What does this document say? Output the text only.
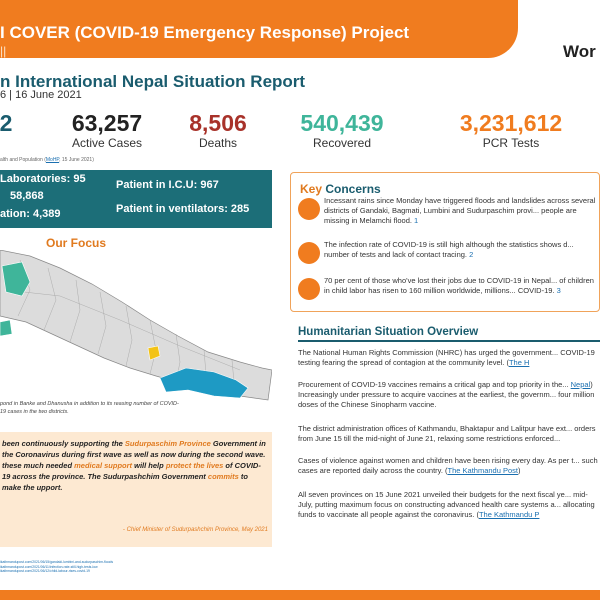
I COVER (COVID-19 Emergency Response) Project
||	Wor
n International Nepal Situation Report
6 | 16 June 2021
2	63,257
Active Cases
8,506
Deaths
540,439
Recovered
3,231,612
PCR Tests
alth and Population (MoHP, 15 June 2021)
Laboratories: 95
58,868
ation: 4,389
Patient in I.C.U: 967
Patient in ventilators: 285
Our Focus
pond in Banke and Dhanusha in addition to its reasing number of COVID-19 cases in the two districts.

been continuously supporting the Sudurpaschim Province Government in the Coronavirus during first wave as well as now during the second wave. these much needed medical support will help protect the lives of COVID-19 across the province. The Sudurpashchim Government commits to make the upport.

- Chief Minister of Sudurpashchim Province, May 2021
ikathmandupost.com/2021/06/15/gandaki-lumbini-and-sudurpaschim-floods
ikathmandupost.com/2021/06/11/infection-rate-still-high-tests-low
ikathmandupost.com/2021/06/12/child-labour-rises-covid-19
Key Concerns
Incessant rains since Monday have triggered floods and landslides across several districts of Gandaki, Bagmati, Lumbini and Sudurpaschim provi... people are missing in Melamchi flood. 1
The infection rate of COVID-19 is still high although the statistics shows d... number of tests and lack of contact tracing. 2
70 per cent of those who've lost their jobs due to COVID-19 in Nepal... of children in child labor has risen to 160 million worldwide, millions... COVID-19. 3
Humanitarian Situation Overview
The National Human Rights Commission (NHRC) has urged the government... COVID-19 testing fearing the spread of contagion at the community level. (The H
Procurement of COVID-19 vaccines remains a critical gap and top priority in the... Nepal) Increasingly under pressure to acquire vaccines at the earliest, the governm... four million doses of the Chinese Sinopharm vaccine.
The district administration offices of Kathmandu, Bhaktapur and Lalitpur have ext... orders from June 15 till the mid-night of June 21, relaxing some restrictions enforced...
Cases of violence against women and children have been rising every day. As per t... such cases are reported daily across the country. (The Kathmandu Post)
All seven provinces on 15 June 2021 unveiled their budgets for the next fiscal ye... mid-July, putting maximum focus on constructing advanced health care systems a... allocating funds to vaccinate all people against the coronavirus. (The Kathmandu P
